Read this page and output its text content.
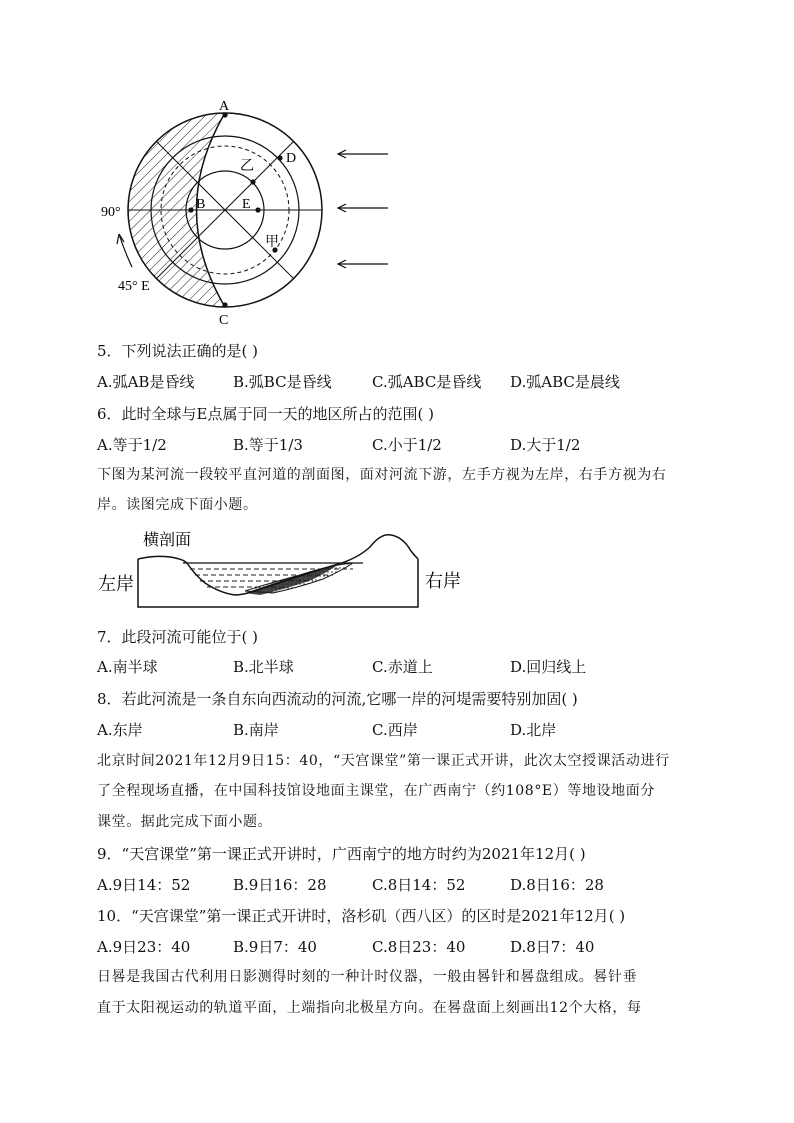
A
C
B	E
D
乙
甲
90°
45° E
5．下列说法正确的是( )
A.弧AB是昏线	B.弧BC是昏线	C.弧ABC是昏线 D.弧ABC是晨线
6．此时全球与E点属于同一天的地区所占的范围( )
A.等于1/2	B.等于1/3	C.小于1/2	D.大于1/2
下图为某河流一段较平直河道的剖面图，面对河流下游，左手方视为左岸，右手方视为右
岸。读图完成下面小题。
横剖面
左岸	右岸
7．此段河流可能位于( )
A.南半球	B.北半球	C.赤道上	D.回归线上
8．若此河流是一条自东向西流动的河流,它哪一岸的河堤需要特别加固( )
A.东岸	B.南岸	C.西岸	D.北岸
北京时间2021年12月9日15：40，“天宫课堂”第一课正式开讲，此次太空授课活动进行
了全程现场直播，在中国科技馆设地面主课堂，在广西南宁（约108°E）等地设地面分
课堂。据此完成下面小题。
9．“天宫课堂”第一课正式开讲时，广西南宁的地方时约为2021年12月( )
A.9日14：52	B.9日16：28	C.8日14：52	D.8日16：28
10．“天宫课堂”第一课正式开讲时，洛杉矶（西八区）的区时是2021年12月( )
A.9日23：40	B.9日7：40	C.8日23：40	D.8日7：40
日晷是我国古代利用日影测得时刻的一种计时仪器，一般由晷针和晷盘组成。晷针垂
直于太阳视运动的轨道平面，上端指向北极星方向。在晷盘面上刻画出12个大格，每
